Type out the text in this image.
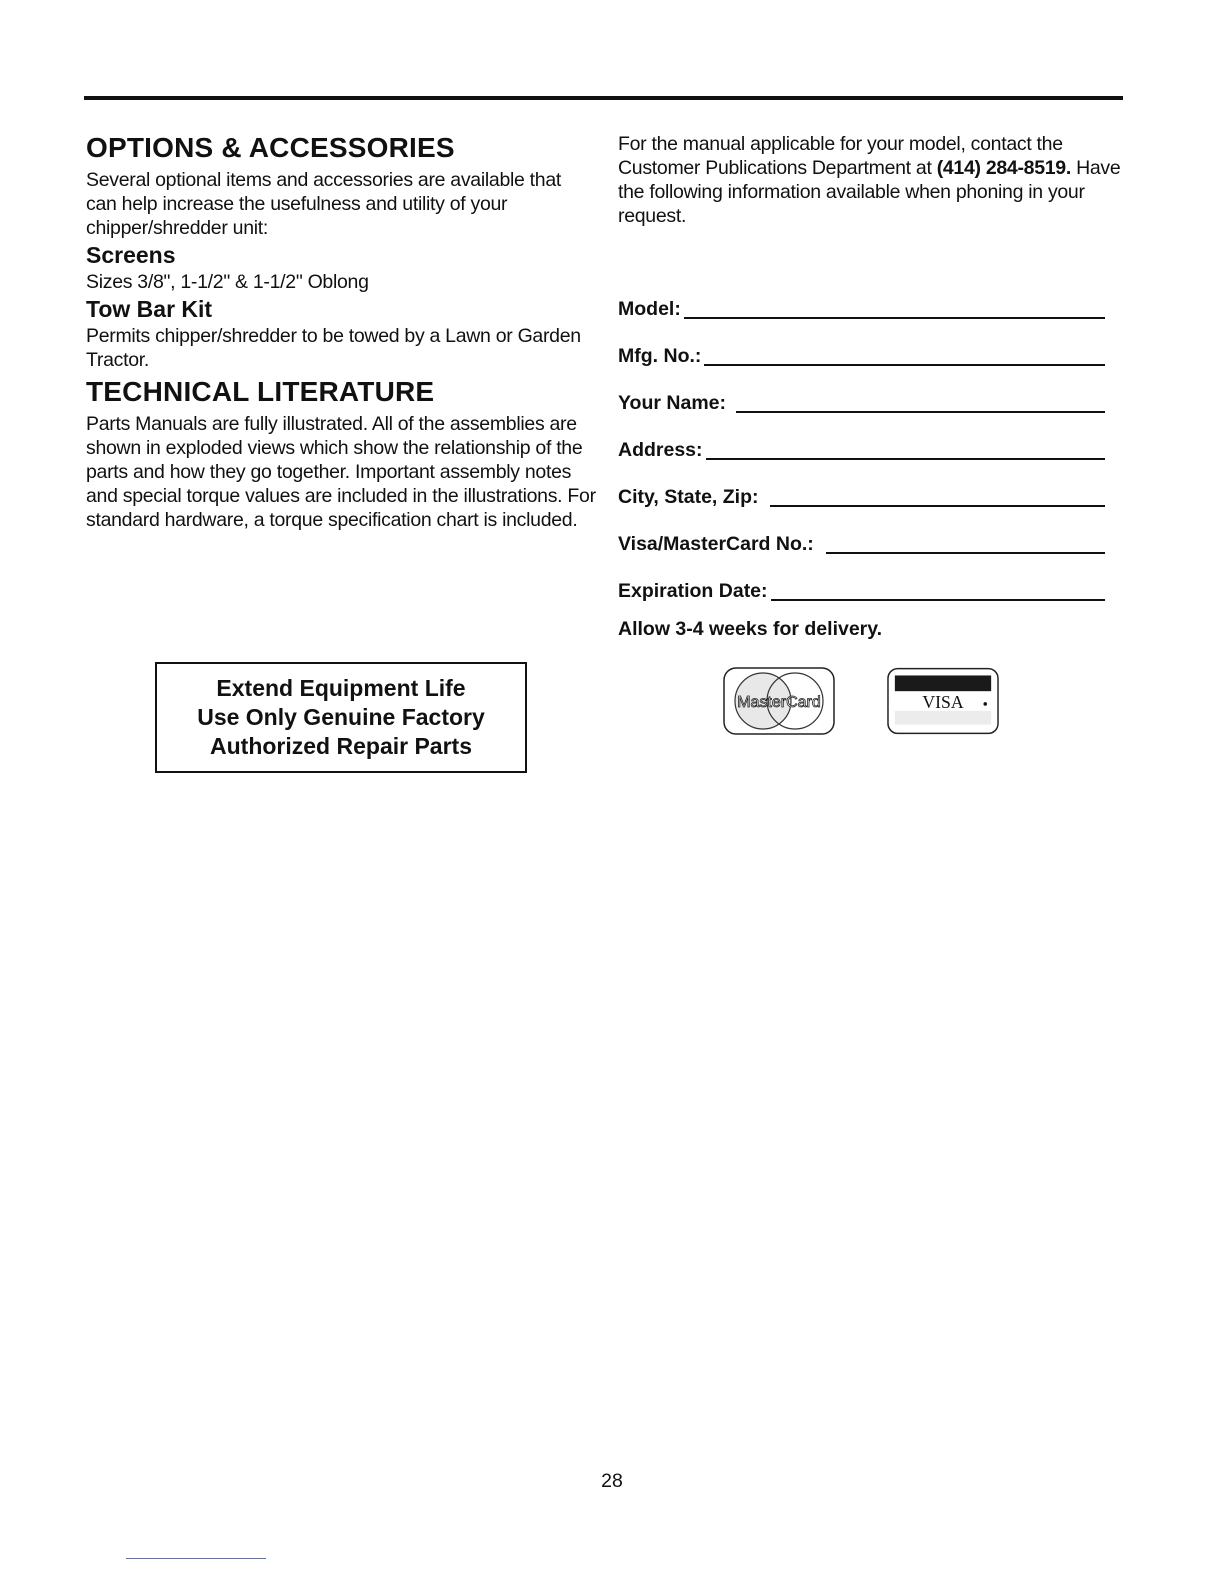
OPTIONS & ACCESSORIES

Several optional items and accessories are available that can help increase the usefulness and utility of your chipper/shredder unit:

Screens

Sizes 3/8", 1-1/2" & 1-1/2" Oblong

Tow Bar Kit

Permits chipper/shredder to be towed by a Lawn or Garden Tractor.

TECHNICAL LITERATURE

Parts Manuals are fully illustrated. All of the assemblies are shown in exploded views which show the relationship of the parts and how they go together. Important assembly notes and special torque values are included in the illustrations. For standard hardware, a torque specification chart is included.

For the manual applicable for your model, contact the Customer Publications Department at (414) 284-8519. Have the following information available when phoning in your request.

Model:
Mfg. No.:
Your Name:
Address:
City, State, Zip:
Visa/MasterCard No.:
Expiration Date:
Allow 3-4 weeks for delivery.
Extend Equipment Life
Use Only Genuine Factory
Authorized Repair Parts
MasterCard	VISA
28
